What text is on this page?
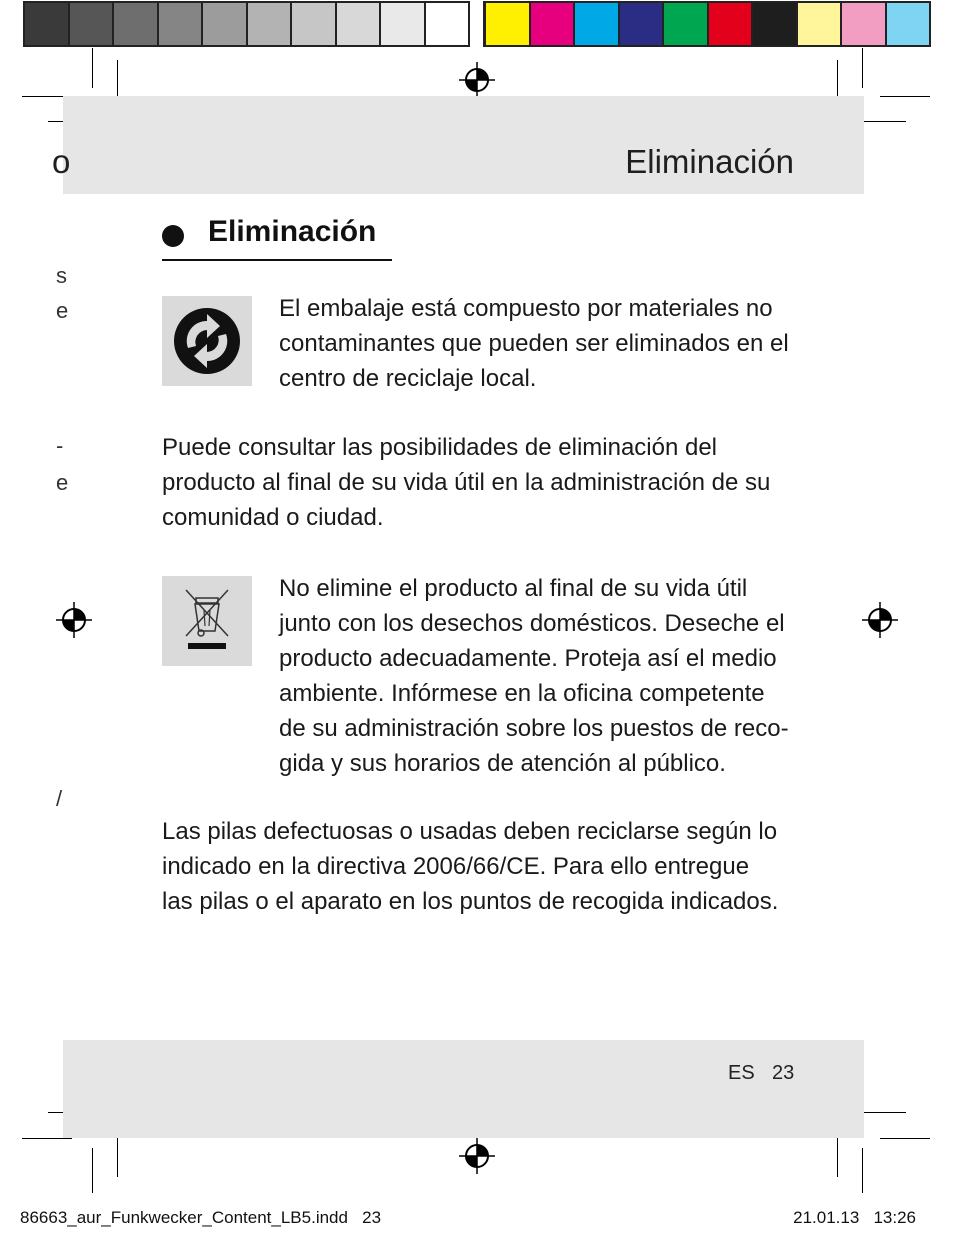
o	Eliminación
s
e
-
e
/
Eliminación
El embalaje está compuesto por materiales no
contaminantes que pueden ser eliminados en el
centro de reciclaje local.
Puede consultar las posibilidades de eliminación del
producto al final de su vida útil en la administración de su
comunidad o ciudad.
No elimine el producto al final de su vida útil
junto con los desechos domésticos. Deseche el
producto adecuadamente. Proteja así el medio
ambiente. Infórmese en la oficina competente
de su administración sobre los puestos de reco-
gida y sus horarios de atención al público.
Las pilas defectuosas o usadas deben reciclarse según lo
indicado en la directiva 2006/66/CE. Para ello entregue
las pilas o el aparato en los puntos de recogida indicados.
ES 23
86663_aur_Funkwecker_Content_LB5.indd   23	21.01.13   13:26
